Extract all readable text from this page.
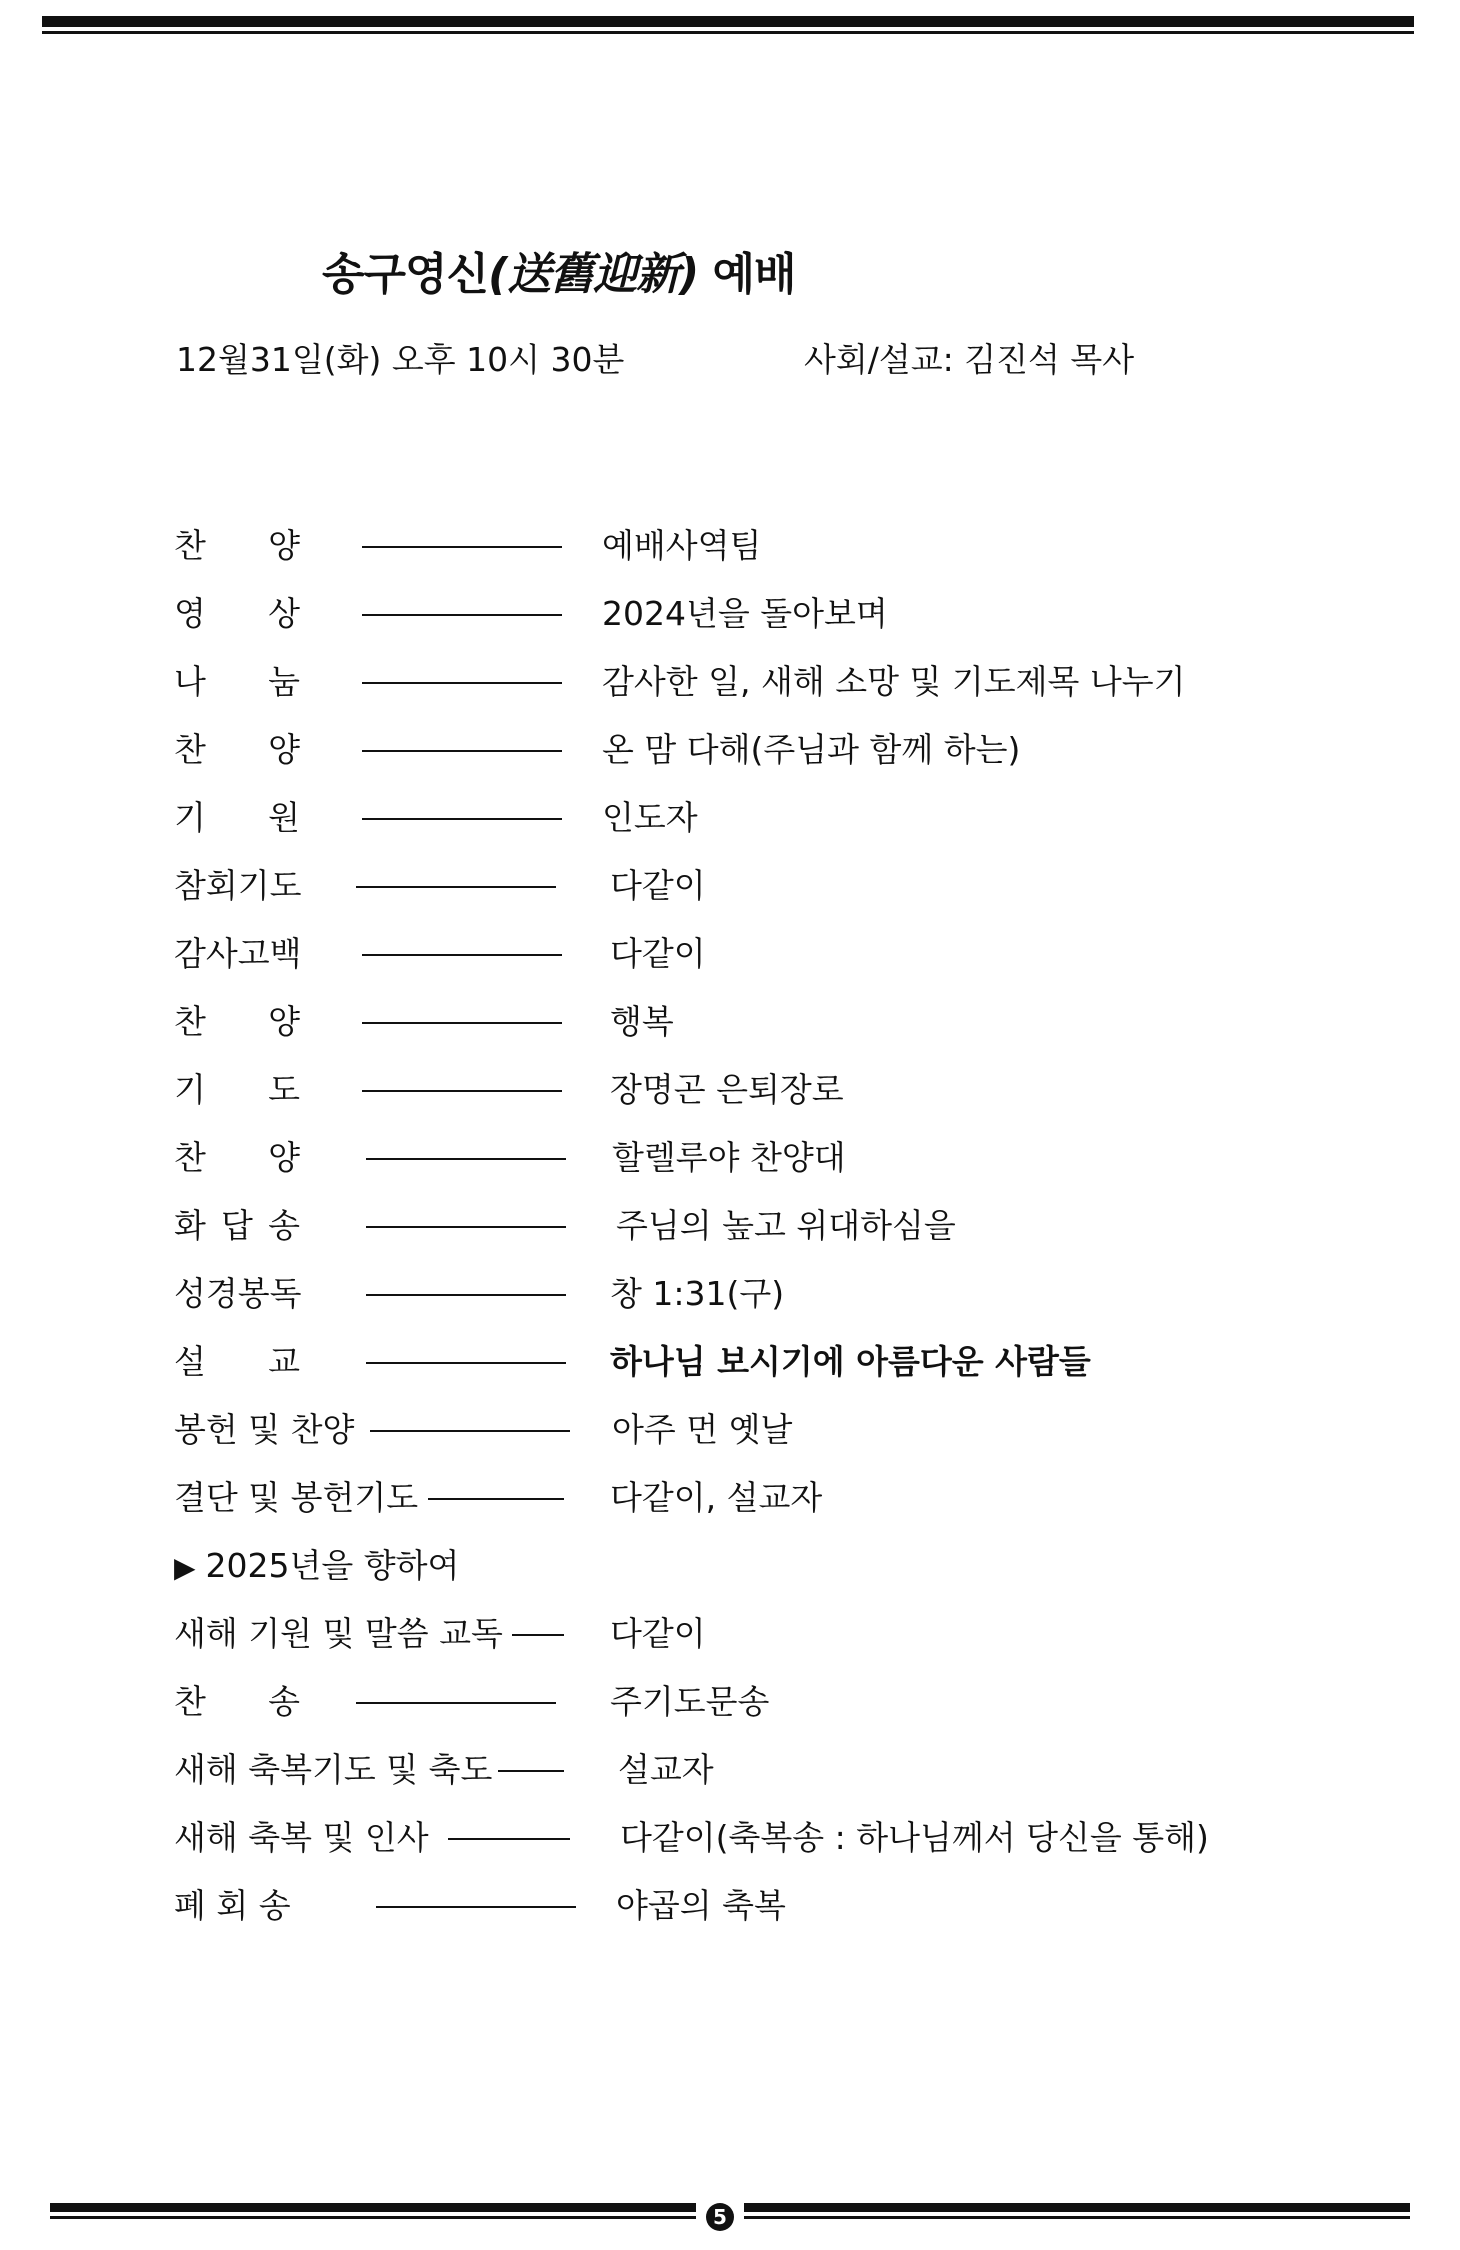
송구영신(送舊迎新) 예배
12월31일(화) 오후 10시 30분	사회/설교: 김진석 목사
찬 양	예배사역팀
영 상	2024년을 돌아보며
나 눔	감사한 일, 새해 소망 및 기도제목 나누기
찬 양	온 맘 다해(주님과 함께 하는)
기 원	인도자
참회기도	다같이
감사고백	다같이
찬 양	행복
기 도	장명곤 은퇴장로
찬 양	할렐루야 찬양대
화 답 송	주님의 높고 위대하심을
성경봉독	창 1:31(구)
설 교	하나님 보시기에 아름다운 사람들
봉헌 및 찬양	아주 먼 옛날
결단 및 봉헌기도	다같이, 설교자
▶ 2025년을 향하여
새해 기원 및 말씀 교독	다같이
찬 송	주기도문송
새해 축복기도 및 축도	설교자
새해 축복 및 인사	다같이(축복송 : 하나님께서 당신을 통해)
폐 회 송	야곱의 축복
5
